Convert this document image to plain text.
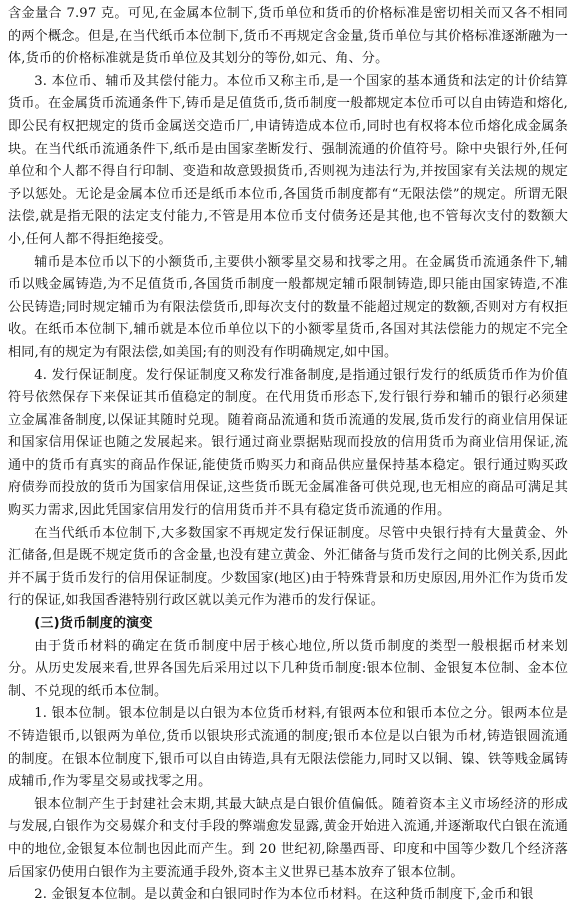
含金量合 7.97 克。可见,在金属本位制下,货币单位和货币的价格标准是密切相关而又各不相同的两个概念。但是,在当代纸币本位制下,货币不再规定含金量,货币单位与其价格标准逐渐融为一体,货币的价格标准就是货币单位及其划分的等份,如元、角、分。

3. 本位币、辅币及其偿付能力。本位币又称主币,是一个国家的基本通货和法定的计价结算货币。在金属货币流通条件下,铸币是足值货币,货币制度一般都规定本位币可以自由铸造和熔化,即公民有权把规定的货币金属送交造币厂,申请铸造成本位币,同时也有权将本位币熔化成金属条块。在当代纸币流通条件下,纸币是由国家垄断发行、强制流通的价值符号。除中央银行外,任何单位和个人都不得自行印制、变造和故意毁损货币,否则视为违法行为,并按国家有关法规的规定予以惩处。无论是金属本位币还是纸币本位币,各国货币制度都有“无限法偿”的规定。所谓无限法偿,就是指无限的法定支付能力,不管是用本位币支付债务还是其他,也不管每次支付的数额大小,任何人都不得拒绝接受。

辅币是本位币以下的小额货币,主要供小额零星交易和找零之用。在金属货币流通条件下,辅币以贱金属铸造,为不足值货币,各国货币制度一般都规定辅币限制铸造,即只能由国家铸造,不准公民铸造;同时规定辅币为有限法偿货币,即每次支付的数量不能超过规定的数额,否则对方有权拒收。在纸币本位制下,辅币就是本位币单位以下的小额零星货币,各国对其法偿能力的规定不完全相同,有的规定为有限法偿,如美国;有的则没有作明确规定,如中国。

4. 发行保证制度。发行保证制度又称发行准备制度,是指通过银行发行的纸质货币作为价值符号依然保存下来保证其币值稳定的制度。在代用货币形态下,发行银行券和辅币的银行必须建立金属准备制度,以保证其随时兑现。随着商品流通和货币流通的发展,货币发行的商业信用保证和国家信用保证也随之发展起来。银行通过商业票据贴现而投放的信用货币为商业信用保证,流通中的货币有真实的商品作保证,能使货币购买力和商品供应量保持基本稳定。银行通过购买政府债券而投放的货币为国家信用保证,这些货币既无金属准备可供兑现,也无相应的商品可满足其购买力需求,因此凭国家信用发行的信用货币并不具有稳定货币流通的作用。

在当代纸币本位制下,大多数国家不再规定发行保证制度。尽管中央银行持有大量黄金、外汇储备,但是既不规定货币的含金量,也没有建立黄金、外汇储备与货币发行之间的比例关系,因此并不属于货币发行的信用保证制度。少数国家(地区)由于特殊背景和历史原因,用外汇作为货币发行的保证,如我国香港特别行政区就以美元作为港币的发行保证。

(三)货币制度的演变

由于货币材料的确定在货币制度中居于核心地位,所以货币制度的类型一般根据币材来划分。从历史发展来看,世界各国先后采用过以下几种货币制度:银本位制、金银复本位制、金本位制、不兑现的纸币本位制。

1. 银本位制。银本位制是以白银为本位货币材料,有银两本位和银币本位之分。银两本位是不铸造银币,以银两为单位,货币以银块形式流通的制度;银币本位是以白银为币材,铸造银圆流通的制度。在银本位制度下,银币可以自由铸造,具有无限法偿能力,同时又以铜、镍、铁等贱金属铸成辅币,作为零星交易或找零之用。

银本位制产生于封建社会末期,其最大缺点是白银价值偏低。随着资本主义市场经济的形成与发展,白银作为交易媒介和支付手段的弊端愈发显露,黄金开始进入流通,并逐渐取代白银在流通中的地位,金银复本位制也因此而产生。到 20 世纪初,除墨西哥、印度和中国等少数几个经济落后国家仍使用白银作为主要流通手段外,资本主义世界已基本放弃了银本位制。

2. 金银复本位制。是以黄金和白银同时作为本位币材料。在这种货币制度下,金币和银
